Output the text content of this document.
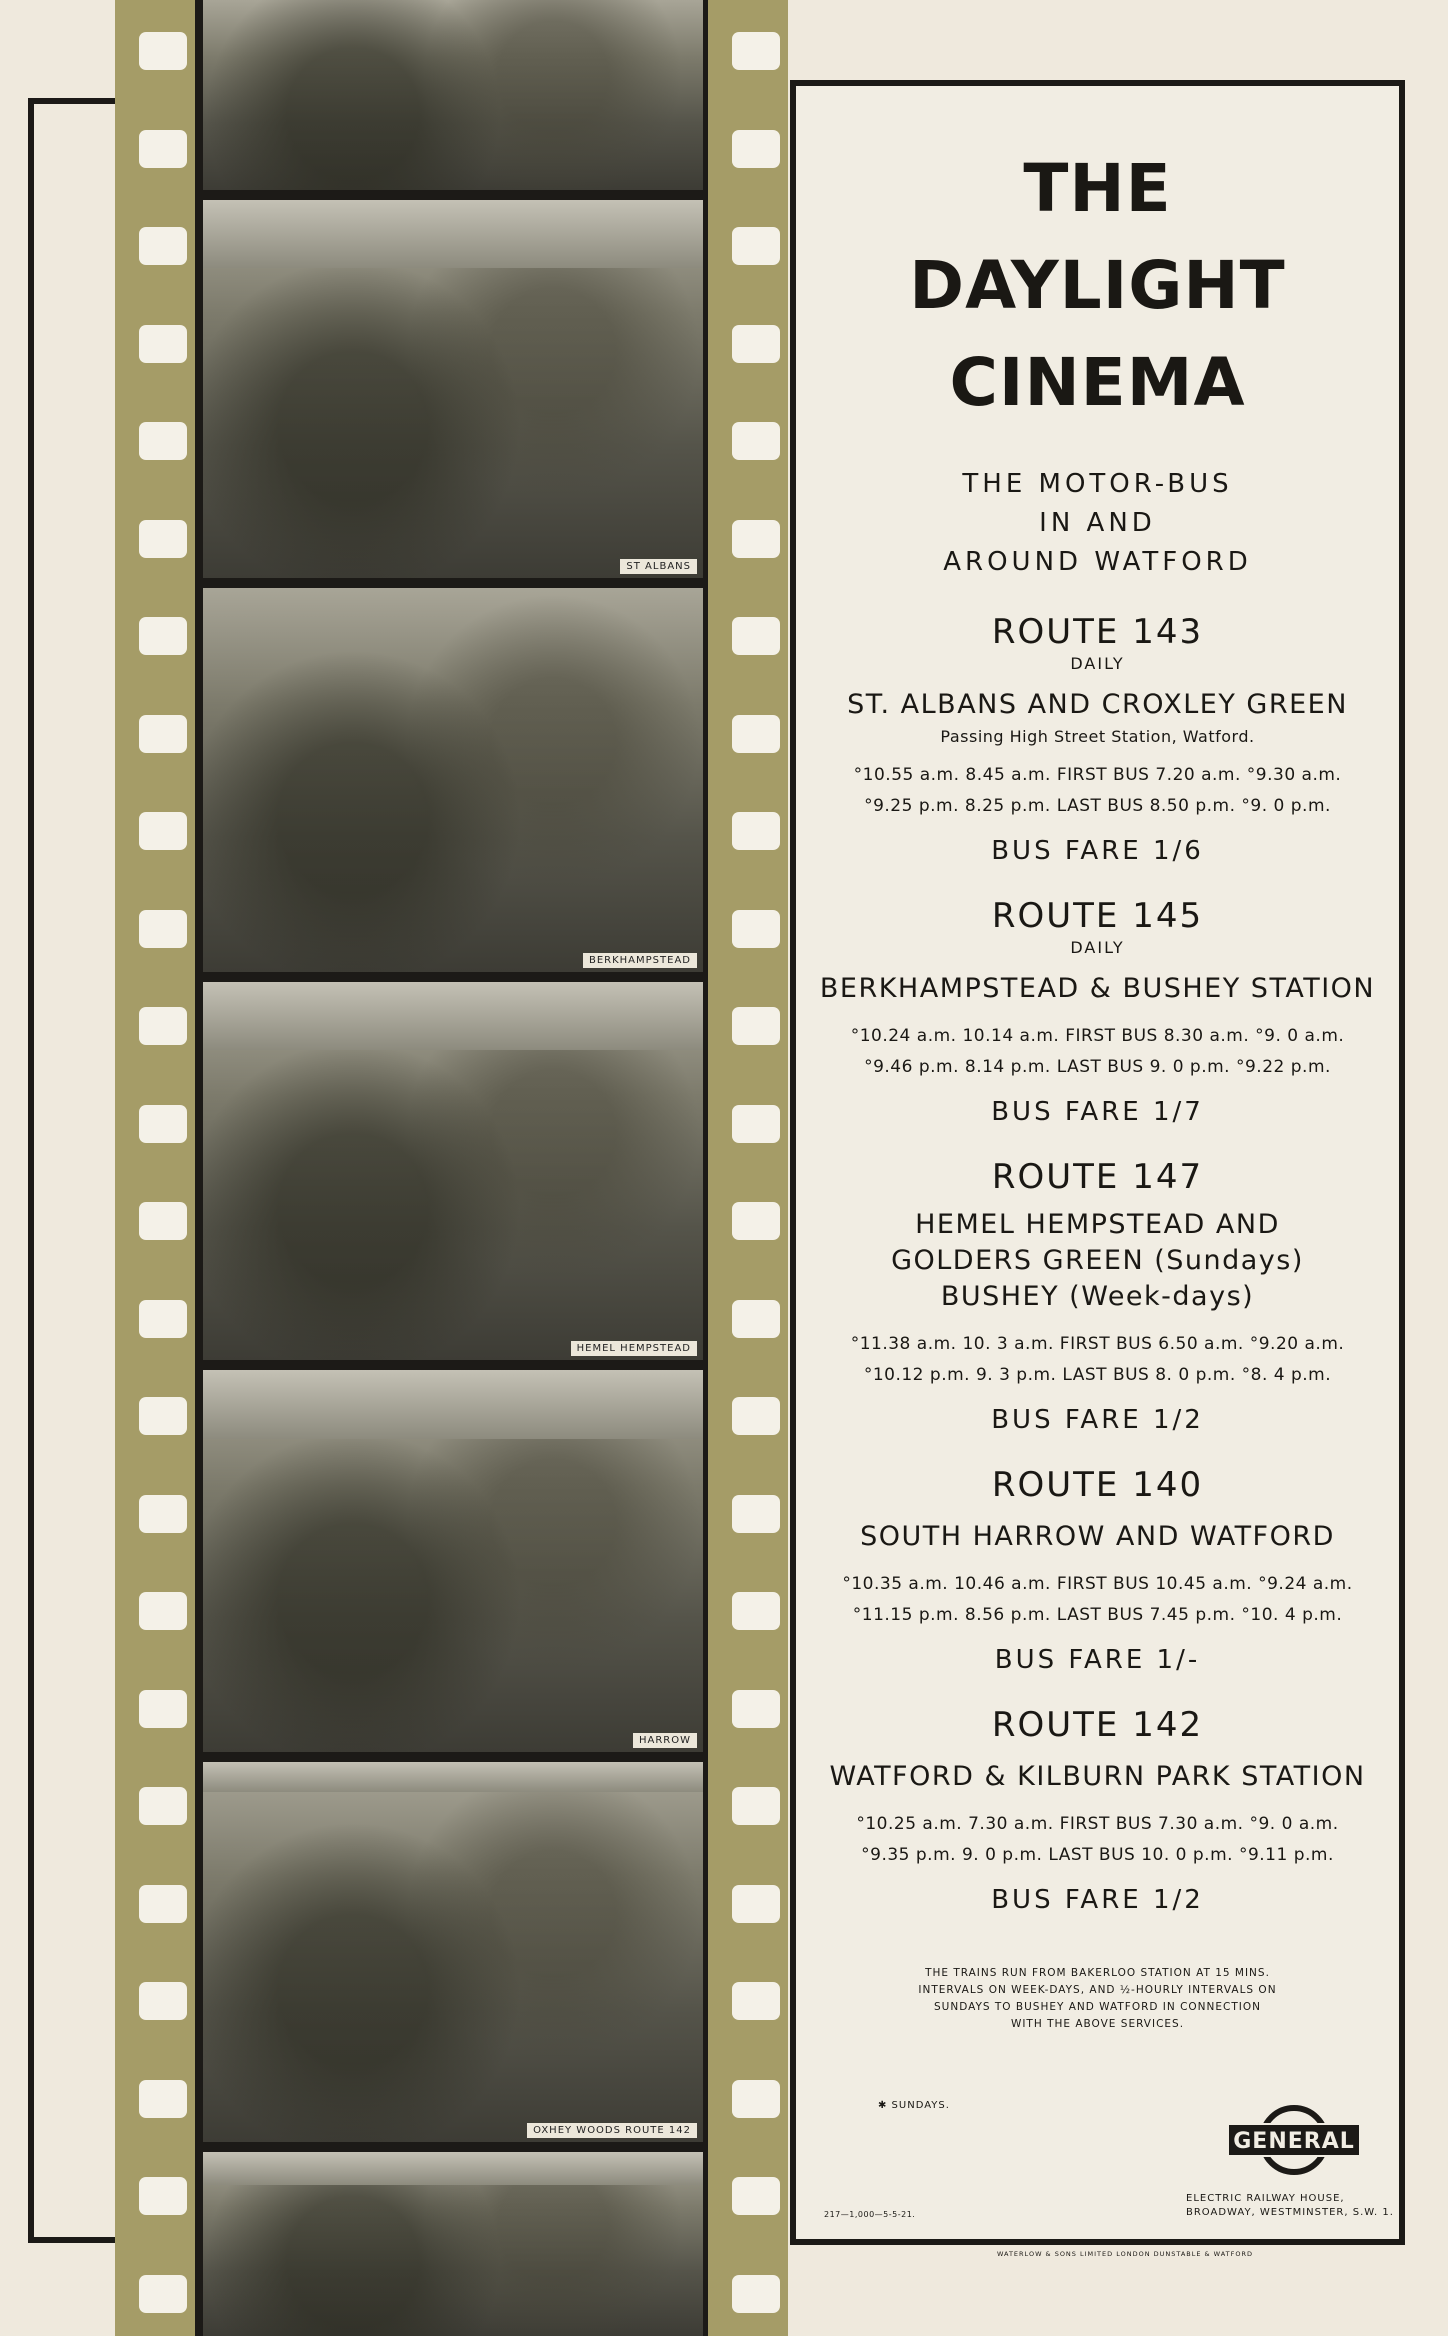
ST ALBANS
BERKHAMPSTEAD
HEMEL HEMPSTEAD
HARROW
OXHEY WOODS ROUTE 142
THE
DAYLIGHT
CINEMA
THE MOTOR-BUS
IN AND
AROUND WATFORD
ROUTE 143
DAILY
ST. ALBANS AND CROXLEY GREEN
Passing High Street Station, Watford.
°10.55 a.m. 8.45 a.m. FIRST BUS 7.20 a.m. °9.30 a.m.
°9.25 p.m. 8.25 p.m. LAST BUS 8.50 p.m. °9. 0 p.m.
BUS FARE 1/6
ROUTE 145
DAILY
BERKHAMPSTEAD & BUSHEY STATION
°10.24 a.m. 10.14 a.m. FIRST BUS 8.30 a.m. °9. 0 a.m.
°9.46 p.m. 8.14 p.m. LAST BUS 9. 0 p.m. °9.22 p.m.
BUS FARE 1/7
ROUTE 147
HEMEL HEMPSTEAD AND
GOLDERS GREEN (Sundays)
BUSHEY (Week-days)
°11.38 a.m. 10. 3 a.m. FIRST BUS 6.50 a.m. °9.20 a.m.
°10.12 p.m. 9. 3 p.m. LAST BUS 8. 0 p.m. °8. 4 p.m.
BUS FARE 1/2
ROUTE 140
SOUTH HARROW AND WATFORD
°10.35 a.m. 10.46 a.m. FIRST BUS 10.45 a.m. °9.24 a.m.
°11.15 p.m. 8.56 p.m. LAST BUS 7.45 p.m. °10. 4 p.m.
BUS FARE 1/-
ROUTE 142
WATFORD & KILBURN PARK STATION
°10.25 a.m. 7.30 a.m. FIRST BUS 7.30 a.m. °9. 0 a.m.
°9.35 p.m. 9. 0 p.m. LAST BUS 10. 0 p.m. °9.11 p.m.
BUS FARE 1/2
THE TRAINS RUN FROM BAKERLOO STATION AT 15 MINS.
INTERVALS ON WEEK-DAYS, AND ½-HOURLY INTERVALS ON
SUNDAYS TO BUSHEY AND WATFORD IN CONNECTION
WITH THE ABOVE SERVICES.
✱ SUNDAYS.
GENERAL
ELECTRIC RAILWAY HOUSE,
BROADWAY, WESTMINSTER, S.W. 1.
217—1,000—5-5-21.
WATERLOW & SONS LIMITED LONDON DUNSTABLE & WATFORD
